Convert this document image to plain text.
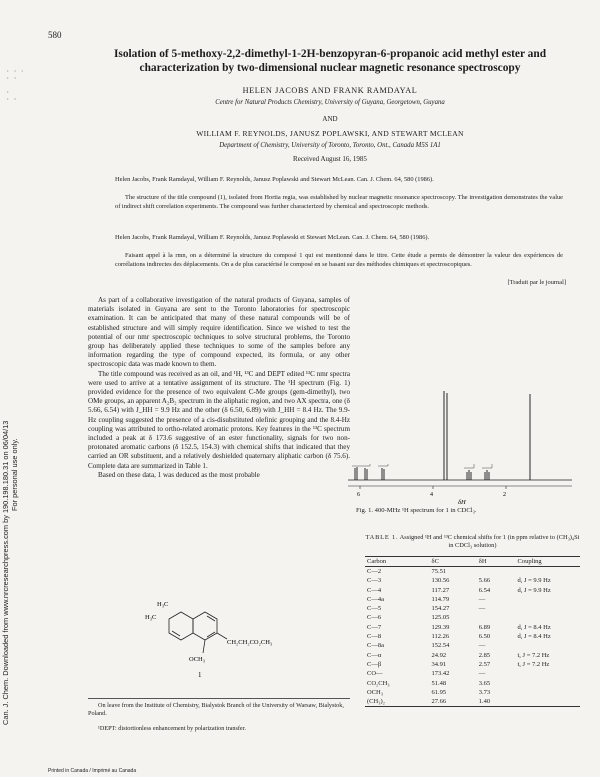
580
Isolation of 5-methoxy-2,2-dimethyl-1-2H-benzopyran-6-propanoic acid methyl ester and characterization by two-dimensional nuclear magnetic resonance spectroscopy
HELEN JACOBS AND FRANK RAMDAYAL
Centre for Natural Products Chemistry, University of Guyana, Georgetown, Guyana
AND
WILLIAM F. REYNOLDS, JANUSZ POPLAWSKI, AND STEWART MCLEAN
Department of Chemistry, University of Toronto, Toronto, Ont., Canada M5S 1A1
Received August 16, 1985
Helen Jacobs, Frank Ramdayal, William F. Reynolds, Janusz Poplawski and Stewart McLean. Can. J. Chem. 64, 580 (1986).
The structure of the title compound (1), isolated from Hortia regia, was established by nuclear magnetic resonance spectroscopy. The investigation demonstrates the value of indirect shift correlation experiments. The compound was further characterized by chemical and spectroscopic methods.
Helen Jacobs, Frank Ramdayal, William F. Reynolds, Janusz Poplawski et Stewart McLean. Can. J. Chem. 64, 580 (1986).
Faisant appel à la rmn, on a déterminé la structure du composé 1 qui est mentionné dans le titre. Cette étude a permis de démontrer la valeur des expériences de corrélations indirectes des déplacements. On a de plus caractérisé le composé en se basant sur des méthodes chimiques et spectroscopiques.
[Traduit par le journal]
Can. J. Chem. Downloaded from www.nrcresearchpress.com by 190.198.180.31 on 06/04/13 For personal use only.
· · ·
· ·

·
· ·

As part of a collaborative investigation of the natural products of Guyana, samples of materials isolated in Guyana are sent to the Toronto laboratories for spectroscopic examination. It can be anticipated that many of these natural compounds will be of established structure and will simply require identification. Since we wished to test the potential of our nmr spectroscopic techniques to solve structural problems, the Toronto group has deliberately applied these techniques to some of the samples before any information regarding the type of compound expected, its formula, or any other spectroscopic data was made known to them.

The title compound was received as an oil, and ¹H, ¹³C and DEPT edited ¹³C nmr spectra were used to arrive at a tentative assignment of its structure. The ¹H spectrum (Fig. 1) provided evidence for the presence of two equivalent C-Me groups (gem-dimethyl), two OMe groups, an apparent A₂B₂ spectrum in the aliphatic region, and two AX spectra, one (δ 5.66, 6.54) with J_HH = 9.9 Hz and the other (δ 6.50, 6.89) with J_HH = 8.4 Hz. The 9.9-Hz coupling suggested the presence of a cis-disubstituted olefinic grouping and the 8.4-Hz coupling was attributed to ortho-related aromatic protons. Key features in the ¹³C spectrum included a peak at δ 173.6 suggestive of an ester functionality, signals for two non-protonated aromatic carbons (δ 152.5, 154.3) with chemical shifts that indicated that they carried an OR substituent, and a relatively deshielded quaternary aliphatic carbon (δ 75.6). Complete data are summarized in Table 1.

Based on these data, 1 was deduced as the most probable

H₃C
H₃C
CH₂CH₂CO₂CH₃
OCH₃
1
On leave from the Institute of Chemistry, Bialystok Branch of the University of Warsaw, Bialystok, Poland.
¹DEPT: distortionless enhancement by polarization transfer.
Printed in Canada / Imprimé au Canada
6	4	2
δH
Fig. 1. 400-MHz ¹H spectrum for 1 in CDCl₃.
TABLE 1. Assigned ¹H and ¹³C chemical shifts for 1 (in ppm relative to (CH₃)₄Si in CDCl₃ solution)
Carbon	δC	δH	Coupling
C—2	75.51		
C—3	130.56	5.66	d, J = 9.9 Hz
C—4	117.27	6.54	d, J = 9.9 Hz
C—4a	114.79	—	
C—5	154.27	—	
C—6	125.05		
C—7	129.39	6.89	d, J = 8.4 Hz
C—8	112.26	6.50	d, J = 8.4 Hz
C—8a	152.54	—	
C—α	24.92	2.85	t, J = 7.2 Hz
C—β	34.91	2.57	t, J = 7.2 Hz
CO—	173.42	—	
CO₂CH₃	51.48	3.65	
OCH₃	61.95	3.73	
(CH₃)₂	27.66	1.40	
